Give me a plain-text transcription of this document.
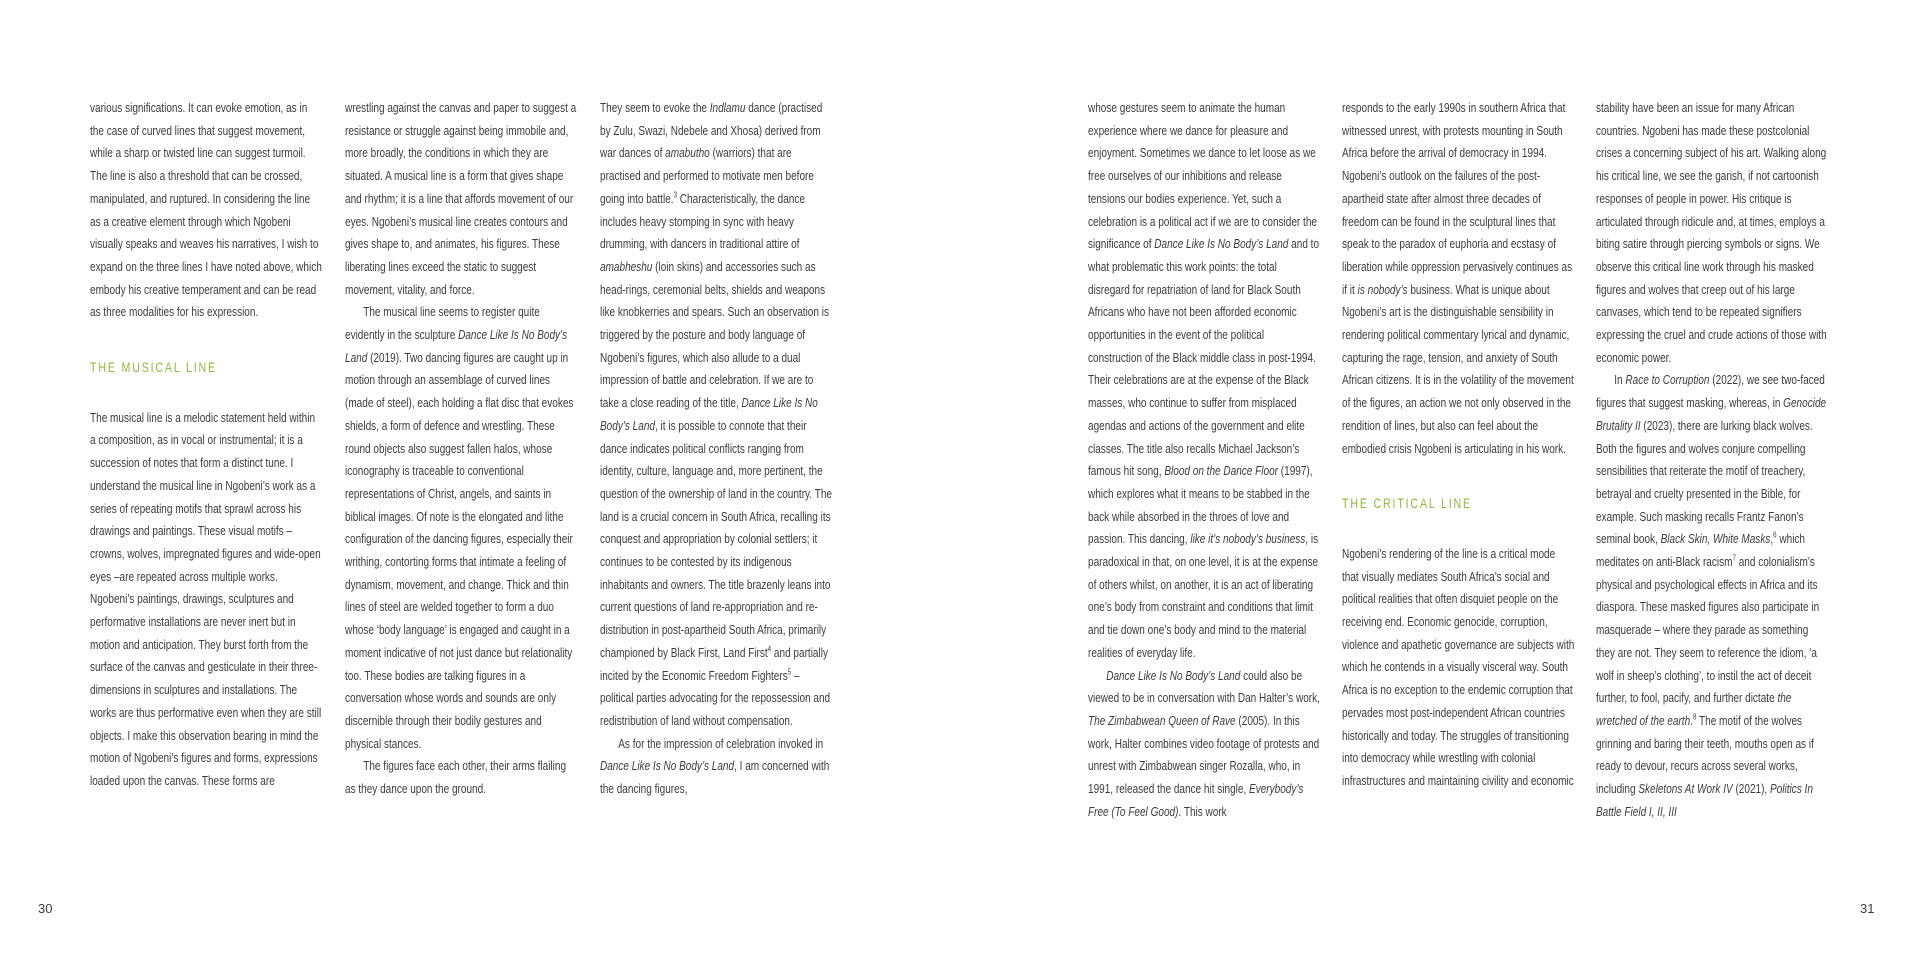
various significations. It can evoke emotion, as in the case of curved lines that suggest movement, while a sharp or twisted line can suggest turmoil. The line is also a threshold that can be crossed, manipulated, and ruptured. In considering the line as a creative element through which Ngobeni visually speaks and weaves his narratives, I wish to expand on the three lines I have noted above, which embody his creative temperament and can be read as three modalities for his expression.

THE MUSICAL LINE

The musical line is a melodic statement held within a composition, as in vocal or instrumental; it is a succession of notes that form a distinct tune. I understand the musical line in Ngobeni’s work as a series of repeating motifs that sprawl across his drawings and paintings. These visual motifs – crowns, wolves, impregnated figures and wide-open eyes –are repeated across multiple works. Ngobeni’s paintings, drawings, sculptures and performative installations are never inert but in motion and anticipation. They burst forth from the surface of the canvas and gesticulate in their three-dimensions in sculptures and installations. The works are thus performative even when they are still objects. I make this observation bearing in mind the motion of Ngobeni’s figures and forms, expressions loaded upon the canvas. These forms are

wrestling against the canvas and paper to suggest a resistance or struggle against being immobile and, more broadly, the conditions in which they are situated. A musical line is a form that gives shape and rhythm; it is a line that affords movement of our eyes. Ngobeni’s musical line creates contours and gives shape to, and animates, his figures. These liberating lines exceed the static to suggest movement, vitality, and force.

The musical line seems to register quite evidently in the sculpture Dance Like Is No Body’s Land (2019). Two dancing figures are caught up in motion through an assemblage of curved lines (made of steel), each holding a flat disc that evokes shields, a form of defence and wrestling. These round objects also suggest fallen halos, whose iconography is traceable to conventional representations of Christ, angels, and saints in biblical images. Of note is the elongated and lithe configuration of the dancing figures, especially their writhing, contorting forms that intimate a feeling of dynamism, movement, and change. Thick and thin lines of steel are welded together to form a duo whose ‘body language’ is engaged and caught in a moment indicative of not just dance but relationality too. These bodies are talking figures in a conversation whose words and sounds are only discernible through their bodily gestures and physical stances.

The figures face each other, their arms flailing as they dance upon the ground.

They seem to evoke the Indlamu dance (practised by Zulu, Swazi, Ndebele and Xhosa) derived from war dances of amabutho (warriors) that are practised and performed to motivate men before going into battle.$^3$ Characteristically, the dance includes heavy stomping in sync with heavy drumming, with dancers in traditional attire of amabheshu (loin skins) and accessories such as head-rings, ceremonial belts, shields and weapons like knobkerries and spears. Such an observation is triggered by the posture and body language of Ngobeni’s figures, which also allude to a dual impression of battle and celebration. If we are to take a close reading of the title, Dance Like Is No Body’s Land, it is possible to connote that their dance indicates political conflicts ranging from identity, culture, language and, more pertinent, the question of the ownership of land in the country. The land is a crucial concern in South Africa, recalling its conquest and appropriation by colonial settlers; it continues to be contested by its indigenous inhabitants and owners. The title brazenly leans into current questions of land re-appropriation and re-distribution in post-apartheid South Africa, primarily championed by Black First, Land First$^4$ and partially incited by the Economic Freedom Fighters$^5$ – political parties advocating for the repossession and redistribution of land without compensation.

As for the impression of celebration invoked in Dance Like Is No Body’s Land, I am concerned with the dancing figures,

30

whose gestures seem to animate the human experience where we dance for pleasure and enjoyment. Sometimes we dance to let loose as we free ourselves of our inhibitions and release tensions our bodies experience. Yet, such a celebration is a political act if we are to consider the significance of Dance Like Is No Body’s Land and to what problematic this work points: the total disregard for repatriation of land for Black South Africans who have not been afforded economic opportunities in the event of the political construction of the Black middle class in post-1994. Their celebrations are at the expense of the Black masses, who continue to suffer from misplaced agendas and actions of the government and elite classes. The title also recalls Michael Jackson’s famous hit song, Blood on the Dance Floor (1997), which explores what it means to be stabbed in the back while absorbed in the throes of love and passion. This dancing, like it’s nobody’s business, is paradoxical in that, on one level, it is at the expense of others whilst, on another, it is an act of liberating one’s body from constraint and conditions that limit and tie down one’s body and mind to the material realities of everyday life.

Dance Like Is No Body’s Land could also be viewed to be in conversation with Dan Halter’s work, The Zimbabwean Queen of Rave (2005). In this work, Halter combines video footage of protests and unrest with Zimbabwean singer Rozalla, who, in 1991, released the dance hit single, Everybody’s Free (To Feel Good). This work

responds to the early 1990s in southern Africa that witnessed unrest, with protests mounting in South Africa before the arrival of democracy in 1994. Ngobeni’s outlook on the failures of the post-apartheid state after almost three decades of freedom can be found in the sculptural lines that speak to the paradox of euphoria and ecstasy of liberation while oppression pervasively continues as if it is nobody’s business. What is unique about Ngobeni’s art is the distinguishable sensibility in rendering political commentary lyrical and dynamic, capturing the rage, tension, and anxiety of South African citizens. It is in the volatility of the movement of the figures, an action we not only observed in the rendition of lines, but also can feel about the embodied crisis Ngobeni is articulating in his work.

THE CRITICAL LINE

Ngobeni’s rendering of the line is a critical mode that visually mediates South Africa’s social and political realities that often disquiet people on the receiving end. Economic genocide, corruption, violence and apathetic governance are subjects with which he contends in a visually visceral way. South Africa is no exception to the endemic corruption that pervades most post-independent African countries historically and today. The struggles of transitioning into democracy while wrestling with colonial infrastructures and maintaining civility and economic

stability have been an issue for many African countries. Ngobeni has made these postcolonial crises a concerning subject of his art. Walking along his critical line, we see the garish, if not cartoonish responses of people in power. His critique is articulated through ridicule and, at times, employs a biting satire through piercing symbols or signs. We observe this critical line work through his masked figures and wolves that creep out of his large canvases, which tend to be repeated signifiers expressing the cruel and crude actions of those with economic power.

In Race to Corruption (2022), we see two-faced figures that suggest masking, whereas, in Genocide Brutality II (2023), there are lurking black wolves. Both the figures and wolves conjure compelling sensibilities that reiterate the motif of treachery, betrayal and cruelty presented in the Bible, for example. Such masking recalls Frantz Fanon’s seminal book, Black Skin, White Masks,$^6$ which meditates on anti-Black racism$^7$ and colonialism’s physical and psychological effects in Africa and its diaspora. These masked figures also participate in masquerade – where they parade as something they are not. They seem to reference the idiom, ‘a wolf in sheep’s clothing’, to instil the act of deceit further, to fool, pacify, and further dictate the wretched of the earth.$^8$ The motif of the wolves grinning and baring their teeth, mouths open as if ready to devour, recurs across several works, including Skeletons At Work IV (2021), Politics In Battle Field I, II, III

31
